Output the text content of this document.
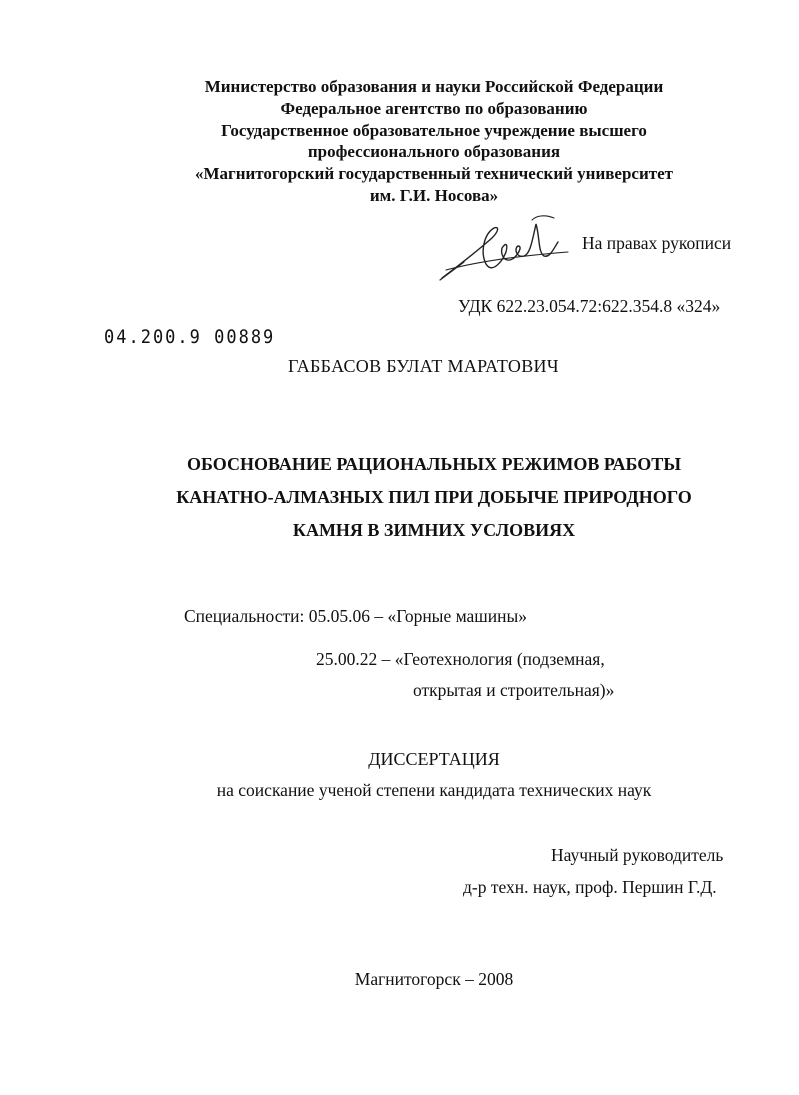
Министерство образования и науки Российской Федерации
Федеральное агентство по образованию
Государственное образовательное учреждение высшего
профессионального образования
«Магнитогорский государственный технический университет
им. Г.И. Носова»
На правах рукописи
УДК 622.23.054.72:622.354.8 «324»
04.200.9 00889
ГАББАСОВ БУЛАТ МАРАТОВИЧ
ОБОСНОВАНИЕ РАЦИОНАЛЬНЫХ РЕЖИМОВ РАБОТЫ
КАНАТНО-АЛМАЗНЫХ ПИЛ ПРИ ДОБЫЧЕ ПРИРОДНОГО
КАМНЯ В ЗИМНИХ УСЛОВИЯХ
Специальности: 05.05.06 – «Горные машины»
25.00.22 – «Геотехнология (подземная,
открытая и строительная)»
ДИССЕРТАЦИЯ
на соискание ученой степени кандидата технических наук
Научный руководитель
д-р техн. наук, проф. Першин Г.Д.
Магнитогорск – 2008
